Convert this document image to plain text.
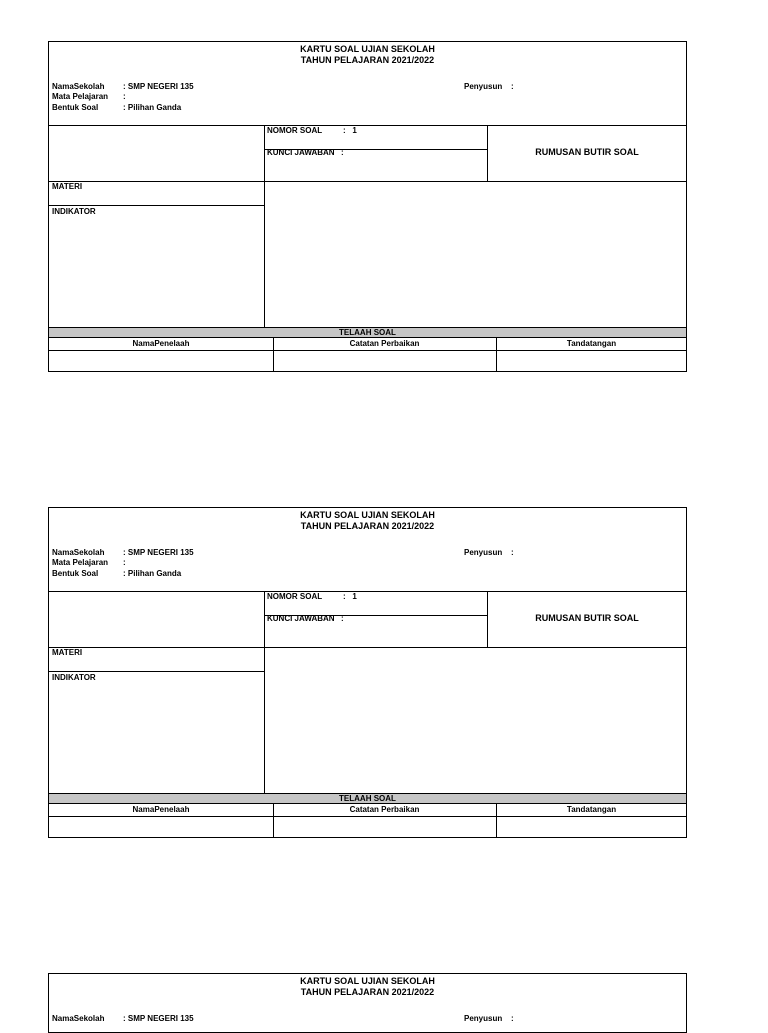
KARTU SOAL UJIAN SEKOLAH
TAHUN PELAJARAN 2021/2022
NamaSekolah : SMP NEGERI 135
Mata Pelajaran :
Bentuk Soal	: Pilihan Ganda
Penyusun :
NOMOR SOAL	:   1
KUNCI JAWABAN :	RUMUSAN BUTIR SOAL
MATERI
INDIKATOR
TELAAH SOAL
NamaPenelaah	Catatan Perbaikan	Tandatangan
KARTU SOAL UJIAN SEKOLAH
TAHUN PELAJARAN 2021/2022
NamaSekolah : SMP NEGERI 135
Mata Pelajaran :
Bentuk Soal	: Pilihan Ganda
Penyusun :
NOMOR SOAL	:   1
KUNCI JAWABAN :	RUMUSAN BUTIR SOAL
MATERI
INDIKATOR
TELAAH SOAL
NamaPenelaah	Catatan Perbaikan	Tandatangan
KARTU SOAL UJIAN SEKOLAH
TAHUN PELAJARAN 2021/2022
NamaSekolah : SMP NEGERI 135	Penyusun :
